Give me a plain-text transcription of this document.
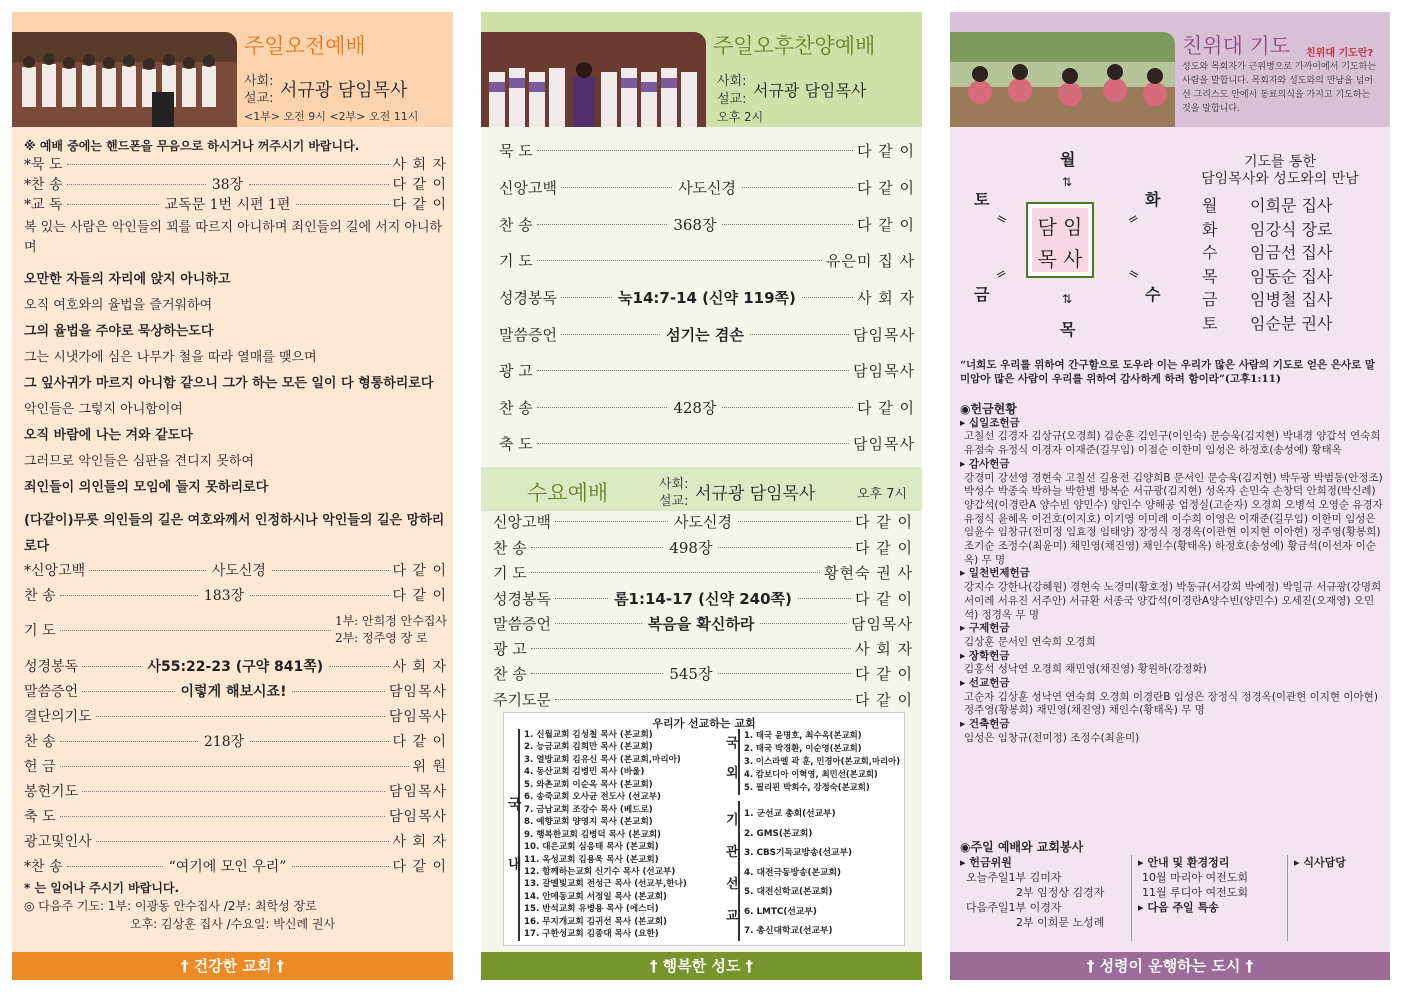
주일오전예배
사회:
설교: 서규광 담임목사
<1부> 오전 9시 <2부> 오전 11시
※ 예배 중에는 핸드폰을 무음으로 하시거나 꺼주시기 바랍니다.
*묵 도	사 회 자
*찬 송	38장	다 같 이
*교 독	교독문 1번 시편 1편	다 같 이
복 있는 사람은 악인들의 꾀를 따르지 아니하며 죄인들의 길에 서지 아니하며
오만한 자들의 자리에 앉지 아니하고
오직 여호와의 율법을 즐거워하여
그의 율법을 주야로 묵상하는도다
그는 시냇가에 심은 나무가 철을 따라 열매를 맺으며
그 잎사귀가 마르지 아니함 같으니 그가 하는 모든 일이 다 형통하리로다
악인들은 그렇지 아니함이여
오직 바람에 나는 겨와 같도다
그러므로 악인들은 심판을 견디지 못하여
죄인들이 의인들의 모임에 들지 못하리로다
(다같이)무릇 의인들의 길은 여호와께서 인정하시나 악인들의 길은 망하리로다
*신앙고백	사도신경	다 같 이
찬 송	183장	다 같 이
기 도
1부: 안희정 안수집사
2부: 정주영 장 로
성경봉독	사55:22-23 (구약 841쪽)	사 회 자
말씀증언	이렇게 해보시죠!	담임목사
결단의기도	담임목사
찬 송	218장	다 같 이
헌 금	위 원
봉헌기도	담임목사
축 도	담임목사
광고및인사	사 회 자
*찬 송	“여기에 모인 우리”	다 같 이
* 는 일어나 주시기 바랍니다.
◎ 다음주 기도: 1부: 이광동 안수집사 /2부: 최학성 장로
오후: 김상훈 집사 /수요일: 박신례 권사
† 건강한 교회 †
주일오후찬양예배
사회:
설교: 서규광 담임목사
오후 2시
묵 도	다 같 이
신앙고백	사도신경	다 같 이
찬 송	368장	다 같 이
기 도	유은미 집 사
성경봉독	눅14:7-14 (신약 119쪽)	사 회 자
말씀증언	섬기는 겸손	담임목사
광 고	담임목사
찬 송	428장	다 같 이
축 도	담임목사
수요예배	사회:
설교: 서규광 담임목사	오후 7시
신앙고백	사도신경	다 같 이
찬 송	498장	다 같 이
기 도	황현숙 권 사
성경봉독	롬1:14-17 (신약 240쪽)	다 같 이
말씀증언	복음을 확신하라	담임목사
광 고	사 회 자
찬 송	545장	다 같 이
주기도문	다 같 이
우리가 선교하는 교회
국내
1. 신월교회 김성철 목사 (본교회)
2. 능금교회 김희만 목사 (본교회)
3. 열방교회 김유신 목사 (본교회,마리아)
4. 동산교회 김병민 목사 (바울)
5. 와촌교회 이순옥 목사 (본교회)
6. 송죽교회 오사균 전도사 (선교부)
7. 금남교회 조강수 목사 (베드로)
8. 예향교회 양영지 목사 (본교회)
9. 행복한교회 김병덕 목사 (본교회)
10. 대은교회 심응태 목사 (본교회)
11. 옥성교회 김용욱 목사 (본교회)
12. 함께하는교회 신기수 목사 (선교부)
13. 갈멜빛교회 전성근 목사 (선교부,한나)
14. 안메동교회 서정일 목사 (본교회)
15. 반석교회 유병용 목사 (에스더)
16. 무지개교회 김귀선 목사 (본교회)
17. 구한성교회 김종대 목사 (요한)
국외
1. 태국 윤명호, 최수옥(본교회)
2. 태국 박경환, 이순영(본교회)
3. 이스라엘 곽 훈, 민경아(본교회,마리아)
4. 캄보디아 이혁영, 최민선(본교회)
5. 필리핀 박희수, 강정숙(본교회)
기관선교
1. 군선교 총회(선교부)
2. GMS(본교회)
3. CBS기독교방송(선교부)
4. 대전극동방송(본교회)
5. 대전신학교(본교회)
6. LMTC(선교부)
7. 총신대학교(선교부)
† 행복한 성도 †
친위대 기도 친위대 기도란?
성도와 목회자가 근위병으로 가까이에서 기도하는 사람을 말합니다. 목회자와 성도와의 만남을 넘어선 그리스도 안에서 동료의식을 가지고 기도하는 것을 말합니다.
담 임
목 사
월
⇅
화
=
수
=
목
⇅
금
=
토
=
기도를 통한
담임목사와 성도와의 만남
월 이희문 집사
화 임강식 장로
수 임금선 집사
목 임동순 집사
금 임병철 집사
토 임순분 권사
“너희도 우리를 위하여 간구함으로 도우라 이는 우리가 많은 사람의 기도로 얻은 은사로 말미암아 많은 사람이 우리를 위하여 감사하게 하려 함이라”(고후1:11)
◉헌금현황
▸ 십일조헌금
고칠선 김경자 김상규(오경희) 김순훈 김인구(이인숙) 문승욱(김지현) 박내경 양갑석 연숙희 유점숙 유정식 이경자 이재준(길무임) 이점순 이한미 임성은 하정호(송성예) 황태옥
▸ 감사헌금
강경미 강선영 경현숙 고칠선 길용전 김양희B 문서인 문승욱(김지현) 박두광 박범동(안정조) 박성수 박종숙 박하늘 박한별 방복순 서규광(김지현) 성옥자 손민숙 손창덕 안희정(박신례) 양갑석(이경란A 양수빈 양민수) 양인수 양해공 엄정실(고순자) 오경희 오병석 오영순 유경자 유정식 윤혜옥 이건호(이지호) 이기영 이미례 이수희 이영은 이재준(길무임) 이한미 임성은 임윤수 임창규(전미정 임효정 임태양) 장정식 정경옥(이관현 이지현 이아현) 정주영(황봉희) 조기순 조정수(최윤미) 채민영(채진영) 채인수(황태옥) 하정호(송성예) 황금석(이선자 이순옥) 무 명
▸ 일천번제헌금
강지수 강한나(강혜원) 경현숙 노경미(황호정) 박동규(서강희 박예정) 박일규 서규광(강명희 서이레 서유진 서주안) 서규환 서종국 양갑석(이경란A양수빈(양민수) 오세진(오재영) 오민석) 정경옥 무 명
▸ 구제헌금
김상훈 문서인 연숙희 오경희
▸ 장학헌금
김홍석 성낙연 오경희 채민영(채진영) 황원하(강정화)
▸ 선교헌금
고순자 김상훈 성낙연 연숙희 오경희 이경란B 임성은 장정식 정경옥(이관현 이지현 이아현) 정주영(황봉희) 채민영(채진영) 채인수(황태옥) 무 명
▸ 건축헌금
임성은 임창규(전미정) 조정수(최윤미)
◉주일 예배와 교회봉사
▸ 헌금위원
오늘주일1부 김미자
2부 임정상 김경자
다음주일1부 이경자
2부 이희문 노성례
▸ 안내 및 환경정리
10월 마리아 여전도회
11월 루디아 여전도회
▸ 다음 주일 특송
▸ 식사담당
† 성령이 운행하는 도시 †
